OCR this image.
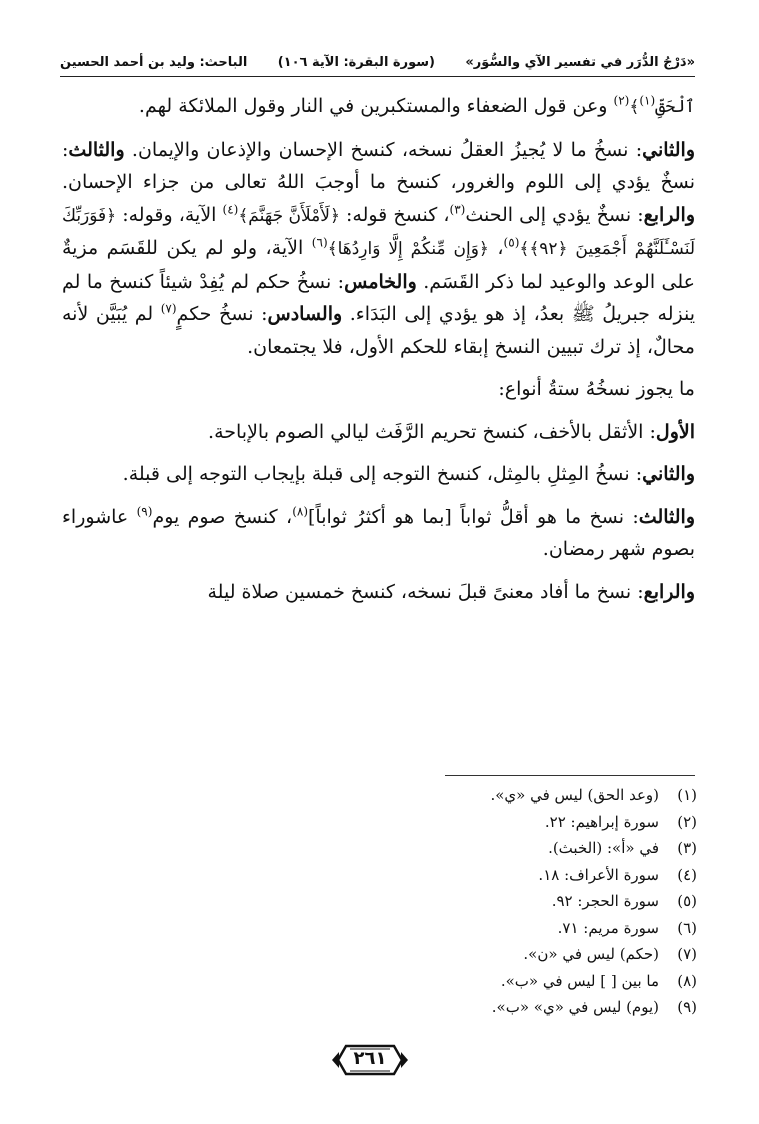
«دَرْجُ الدُّرَر في تفسير الآي والسُّوَر»
(سورة البقرة: الآية ١٠٦)
الباحث: وليد بن أحمد الحسين

ٱلْحَقِّ$^{(١)}$﴾$^{(٢)}$ وعن قول الضعفاء والمستكبرين في النار وقول الملائكة لهم.

والثاني: نسخُ ما لا يُجيزُ العقلُ نسخه، كنسخ الإحسان والإذعان والإيمان. والثالث: نسخٌ يؤدي إلى اللوم والغرور، كنسخ ما أوجبَ اللهُ تعالى من جزاء الإحسان. والرابع: نسخٌ يؤدي إلى الحنث$^{(٣)}$، كنسخ قوله: ﴿لَأَمْلَأَنَّ جَهَنَّمَ﴾$^{(٤)}$ الآية، وقوله: ﴿فَوَرَبِّكَ لَنَسْـَٔلَنَّهُمْ أَجْمَعِينَ ﴿٩٢﴾﴾$^{(٥)}$، ﴿وَإِن مِّنكُمْ إِلَّا وَارِدُهَا﴾$^{(٦)}$ الآية، ولو لم يكن للقَسَم مزيةٌ على الوعد والوعيد لما ذكر القَسَم. والخامس: نسخُ حكم لم يُفِدْ شيئاً كنسخ ما لم ينزله جبريلُ ﷺ بعدُ، إذ هو يؤدي إلى البَدَاء. والسادس: نسخُ حكمٍ$^{(٧)}$ لم يُبَيَّن لأنه محالٌ، إذ ترك تبيين النسخ إبقاء للحكم الأول، فلا يجتمعان.

ما يجوز نسخُهُ ستةُ أنواع:

الأول: الأثقل بالأخف، كنسخ تحريم الرَّفَث ليالي الصوم بالإباحة.

والثاني: نسخُ المِثلِ بالمِثل، كنسخ التوجه إلى قبلة بإيجاب التوجه إلى قبلة.

والثالث: نسخ ما هو أقلُّ ثواباً [بما هو أكثرُ ثواباً]$^{(٨)}$، كنسخ صوم يوم$^{(٩)}$ عاشوراء بصوم شهر رمضان.

والرابع: نسخ ما أفاد معنىً قبلَ نسخه، كنسخ خمسين صلاة ليلة

(١)
(وعد الحق) ليس في «ي».
(٢)
سورة إبراهيم: ٢٢.
(٣)
في «أ»: (الخبث).
(٤)
سورة الأعراف: ١٨.
(٥)
سورة الحجر: ٩٢.
(٦)
سورة مريم: ٧١.
(٧)
(حكم) ليس في «ن».
(٨)
ما بين [ ] ليس في «ب».
(٩)
(يوم) ليس في «ي» «ب».
٢٦١
